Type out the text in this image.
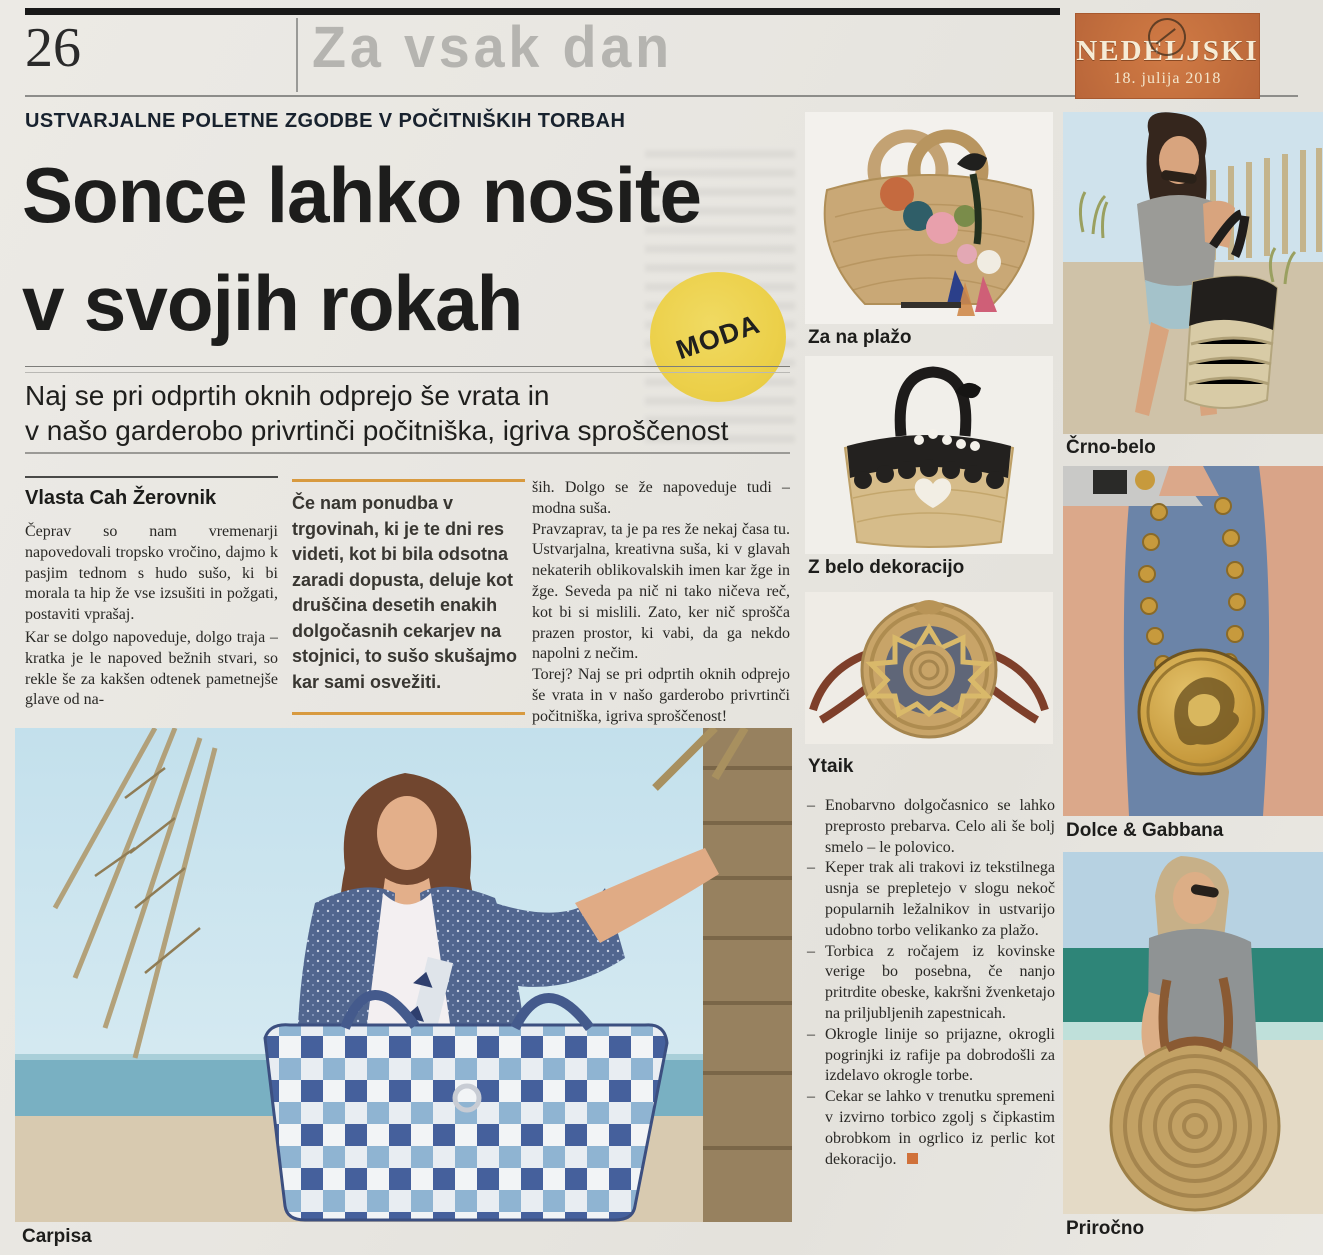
26	Za vsak dan	NEDELJSKI
18. julija 2018
USTVARJALNE POLETNE ZGODBE V POČITNIŠKIH TORBAH
Sonce lahko nosite
v svojih rokah	MODA
Naj se pri odprtih oknih odprejo še vrata in
v našo garderobo privrtinči počitniška, igriva sproščenost
Vlasta Cah Žerovnik

Čeprav so nam vremenarji napovedovali tropsko vročino, dajmo k pasjim tednom s hudo sušo, ki bi morala ta hip že vse izsušiti in požgati, postaviti vprašaj.

Kar se dolgo napoveduje, dolgo traja – kratka je le napoved bežnih stvari, so rekle še za kakšen odtenek pametnejše glave od na-

Če nam ponudba v trgovinah, ki je te dni res videti, kot bi bila odsotna zaradi dopusta, deluje kot druščina desetih enakih dolgočasnih cekarjev na stojnici, to sušo skušajmo kar sami osvežiti.

ših. Dolgo se že napoveduje tudi – modna suša.

Pravzaprav, ta je pa res že nekaj časa tu. Ustvarjalna, kreativna suša, ki v glavah nekaterih oblikovalskih imen kar žge in žge. Seveda pa nič ni tako ničeva reč, kot bi si mislili. Zato, ker nič sprošča prazen prostor, ki vabi, da ga nekdo napolni z nečim.

Torej? Naj se pri odprtih oknih odprejo še vrata in v našo garderobo privrtinči počitniška, igriva sproščenost!

– Enobarvno dolgočasnico se lahko preprosto prebarva. Celo ali še bolj smelo – le polovico.
– Keper trak ali trakovi iz tekstilnega usnja se prepletejo v slogu nekoč popularnih ležalnikov in ustvarijo udobno torbo velikanko za plažo.
– Torbica z ročajem iz kovinske verige bo posebna, če nanjo pritrdite obeske, kakršni žvenketajo na priljubljenih zapestnicah.
– Okrogle linije so prijazne, okrogli pogrinjki iz rafije pa dobrodošli za izdelavo okrogle torbe.
– Cekar se lahko v trenutku spremeni v izvirno torbico zgolj s čipkastim obrobkom in ogrlico iz perlic kot dekoracijo.
Carpisa
Za na plažo
Z belo dekoracijo
Ytaik
Črno-belo
Dolce & Gabbana
Priročno
